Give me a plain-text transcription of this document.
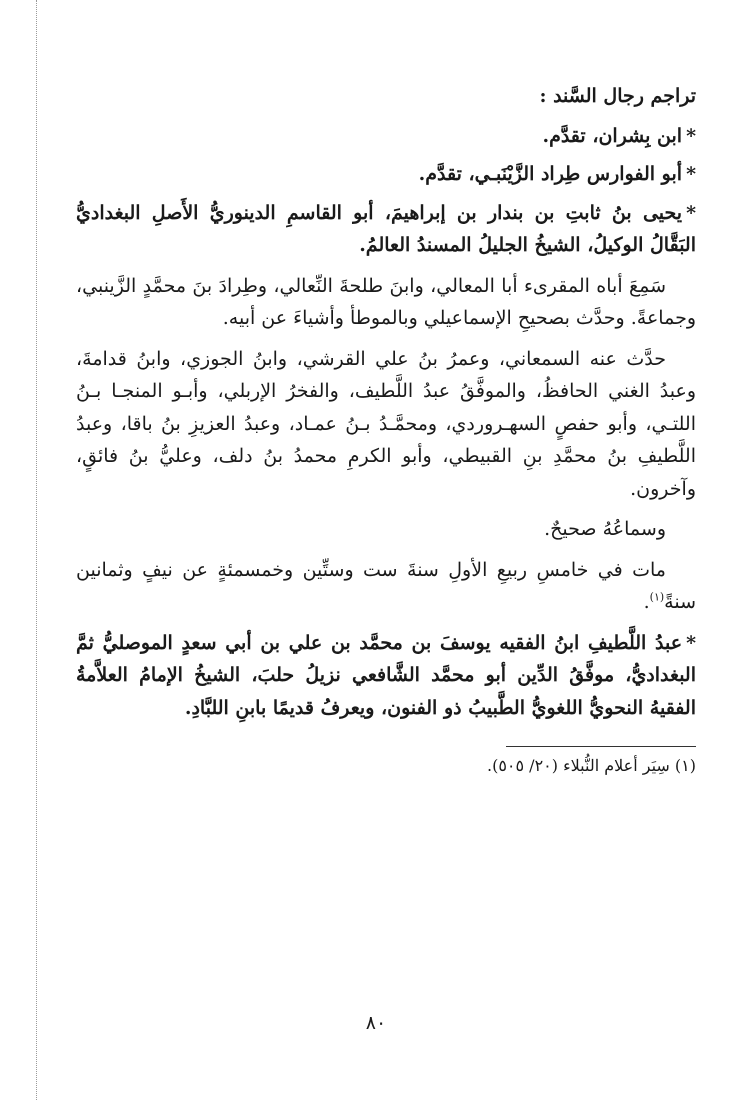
تراجم رجال السَّند :
*ابن بِشران، تقدَّم.
*أبو الفوارس طِراد الزَّيْنَبـي، تقدَّم.
*يحيى بنُ ثابتِ بن بندار بن إبراهيمَ، أبو القاسمِ الدينوريُّ الأَصلِ البغداديُّ البَقَّالُ الوكيلُ، الشيخُ الجليلُ المسندُ العالمُ.
سَمِعَ أباه المقرىء أبا المعالي، وابنَ طلحةَ النِّعالي، وطِرادَ بنَ محمَّدٍ الزَّينبي، وجماعةً. وحدَّث بصحيحِ الإسماعيلي وبالموطأ وأشياءَ عن أبيه.
حدَّث عنه السمعاني، وعمرُ بنُ علي القرشي، وابنُ الجوزي، وابنُ قدامةَ، وعبدُ الغني الحافظُ، والموفَّقُ عبدُ اللَّطيف، والفخرُ الإربلي، وأبـو المنجـا بـنُ اللتـي، وأبو حفصٍ السهـروردي، ومحمَّـدُ بـنُ عمـاد، وعبدُ العزيزِ بنُ باقا، وعبدُ اللَّطيفِ بنُ محمَّدِ بنِ القبيطي، وأبو الكرمِ محمدُ بنُ دلف، وعليُّ بنُ فائقٍ، وآخرون.
وسماعُهُ صحيحٌ.
مات في خامسِ ربيعِ الأولِ سنةَ ست وستِّين وخمسمئةٍ عن نيفٍ وثمانين سنةً$^{(١)}$.
*عبدُ اللَّطيفِ ابنُ الفقيه يوسفَ بن محمَّد بن علي بن أبي سعدٍ الموصليُّ ثمَّ البغداديُّ، موفَّقُ الدِّين أبو محمَّد الشَّافعي نزيلُ حلبَ، الشيخُ الإمامُ العلاَّمةُ الفقيهُ النحويُّ اللغويُّ الطَّبيبُ ذو الفنون، ويعرفُ قديمًا بابنِ اللبَّادِ.

(١) سِيَر أعلام النُّبلاء (٢٠/ ٥٠٥).

٨٠
